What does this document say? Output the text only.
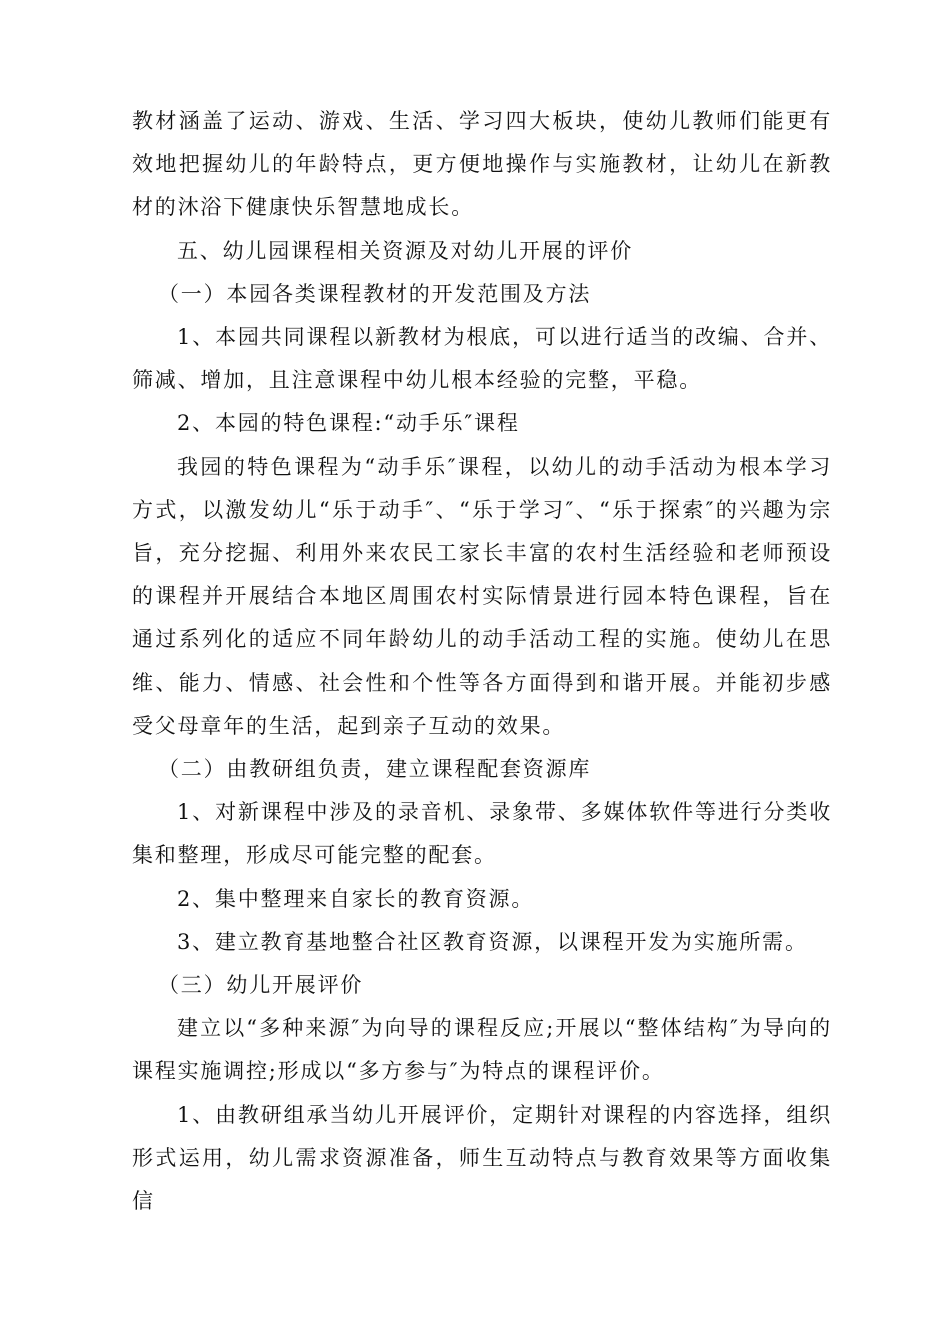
教材涵盖了运动、游戏、生活、学习四大板块，使幼儿教师们能更有效地把握幼儿的年龄特点，更方便地操作与实施教材，让幼儿在新教材的沐浴下健康快乐智慧地成长。

五、幼儿园课程相关资源及对幼儿开展的评价

（一）本园各类课程教材的开发范围及方法

1、本园共同课程以新教材为根底，可以进行适当的改编、合并、筛减、增加，且注意课程中幼儿根本经验的完整，平稳。

2、本园的特色课程:“动手乐″课程

我园的特色课程为“动手乐″课程，以幼儿的动手活动为根本学习方式，以激发幼儿“乐于动手″、“乐于学习″、“乐于探索″的兴趣为宗旨，充分挖掘、利用外来农民工家长丰富的农村生活经验和老师预设的课程并开展结合本地区周围农村实际情景进行园本特色课程，旨在通过系列化的适应不同年龄幼儿的动手活动工程的实施。使幼儿在思维、能力、情感、社会性和个性等各方面得到和谐开展。并能初步感受父母章年的生活，起到亲子互动的效果。

（二）由教研组负责，建立课程配套资源库

1、对新课程中涉及的录音机、录象带、多媒体软件等进行分类收集和整理，形成尽可能完整的配套。

2、集中整理来自家长的教育资源。

3、建立教育基地整合社区教育资源，以课程开发为实施所需。

（三）幼儿开展评价

建立以“多种来源″为向导的课程反应;开展以“整体结构″为导向的课程实施调控;形成以“多方参与″为特点的课程评价。

1、由教研组承当幼儿开展评价，定期针对课程的内容选择，组织形式运用，幼儿需求资源准备，师生互动特点与教育效果等方面收集信
